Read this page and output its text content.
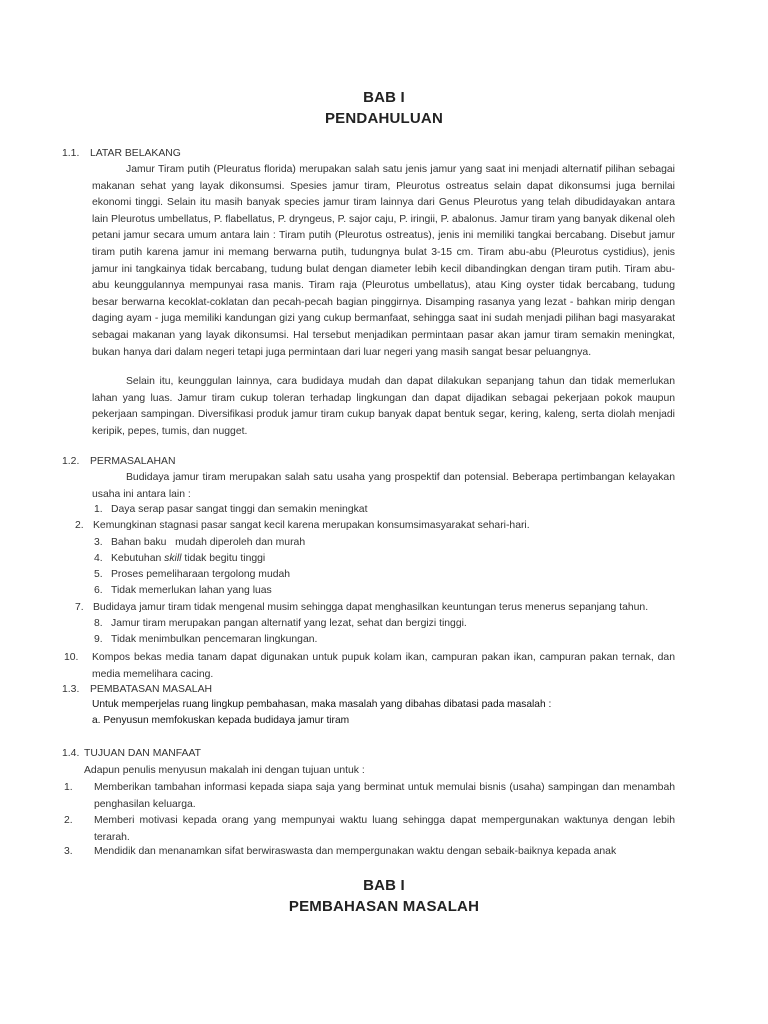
BAB I
PENDAHULUAN
1.1. LATAR BELAKANG
Jamur Tiram putih (Pleuratus florida) merupakan salah satu jenis jamur yang saat ini menjadi alternatif pilihan sebagai makanan sehat yang layak dikonsumsi. Spesies jamur tiram, Pleurotus ostreatus selain dapat dikonsumsi juga bernilai ekonomi tinggi. Selain itu masih banyak species jamur tiram lainnya dari Genus Pleurotus yang telah dibudidayakan antara lain Pleurotus umbellatus, P. flabellatus, P. dryngeus, P. sajor caju, P. iringii, P. abalonus. Jamur tiram yang banyak dikenal oleh petani jamur secara umum antara lain : Tiram putih (Pleurotus ostreatus), jenis ini memiliki tangkai bercabang. Disebut jamur tiram putih karena jamur ini memang berwarna putih, tudungnya bulat 3-15 cm. Tiram abu-abu (Pleurotus cystidius), jenis jamur ini tangkainya tidak bercabang, tudung bulat dengan diameter lebih kecil dibandingkan dengan tiram putih. Tiram abu-abu keunggulannya mempunyai rasa manis. Tiram raja (Pleurotus umbellatus), atau King oyster tidak bercabang, tudung besar berwarna kecoklat-coklatan dan pecah-pecah bagian pinggirnya. Disamping rasanya yang lezat - bahkan mirip dengan daging ayam - juga memiliki kandungan gizi yang cukup bermanfaat, sehingga saat ini sudah menjadi pilihan bagi masyarakat sebagai makanan yang layak dikonsumsi. Hal tersebut menjadikan permintaan pasar akan jamur tiram semakin meningkat, bukan hanya dari dalam negeri tetapi juga permintaan dari luar negeri yang masih sangat besar peluangnya.
Selain itu, keunggulan lainnya, cara budidaya mudah dan dapat dilakukan sepanjang tahun dan tidak memerlukan lahan yang luas. Jamur tiram cukup toleran terhadap lingkungan dan dapat dijadikan sebagai pekerjaan pokok maupun pekerjaan sampingan. Diversifikasi produk jamur tiram cukup banyak dapat bentuk segar, kering, kaleng, serta diolah menjadi keripik, pepes, tumis, dan nugget.
1.2. PERMASALAHAN
Budidaya jamur tiram merupakan salah satu usaha yang prospektif dan potensial. Beberapa pertimbangan kelayakan usaha ini antara lain :
1. Daya serap pasar sangat tinggi dan semakin meningkat
2. Kemungkinan stagnasi pasar sangat kecil karena merupakan konsumsimasyarakat sehari-hari.
3. Bahan baku   mudah diperoleh dan murah
4. Kebutuhan skill tidak begitu tinggi
5. Proses pemeliharaan tergolong mudah
6. Tidak memerlukan lahan yang luas
7. Budidaya jamur tiram tidak mengenal musim sehingga dapat menghasilkan keuntungan terus menerus sepanjang tahun.
8. Jamur tiram merupakan pangan alternatif yang lezat, sehat dan bergizi tinggi.
9. Tidak menimbulkan pencemaran lingkungan.
10.	Kompos bekas media tanam dapat digunakan untuk pupuk kolam ikan, campuran pakan ikan, campuran pakan ternak, dan media memelihara cacing.
1.3. PEMBATASAN MASALAH
Untuk memperjelas ruang lingkup pembahasan, maka masalah yang dibahas dibatasi pada masalah :
a. Penyusun memfokuskan kepada budidaya jamur tiram
1.4. TUJUAN DAN MANFAAT
Adapun penulis menyusun makalah ini dengan tujuan untuk :
1.	Memberikan tambahan informasi kepada siapa saja yang berminat untuk memulai bisnis (usaha) sampingan dan menambah penghasilan keluarga.
2.	Memberi motivasi kepada orang yang mempunyai waktu luang sehingga dapat mempergunakan waktunya dengan lebih terarah.
3. Mendidik dan menanamkan sifat berwiraswasta dan mempergunakan waktu dengan sebaik-baiknya kepada anak
BAB I
PEMBAHASAN MASALAH
